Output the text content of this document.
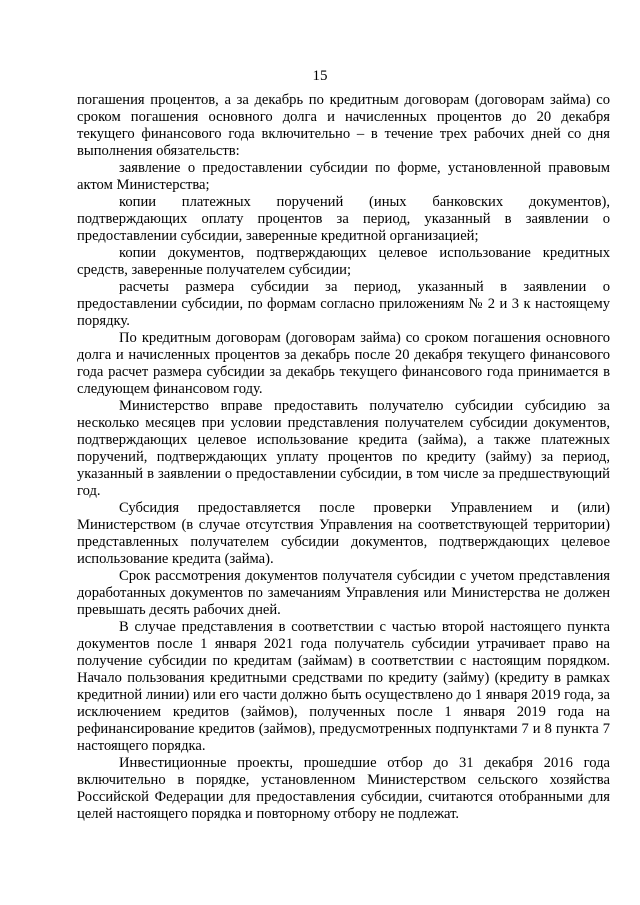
15

погашения процентов, а за декабрь по кредитным договорам (договорам займа) со сроком погашения основного долга и начисленных процентов до 20 декабря текущего финансового года включительно – в течение трех рабочих дней со дня выполнения обязательств:

заявление о предоставлении субсидии по форме, установленной правовым актом Министерства;

копии платежных поручений (иных банковских документов), подтверждающих оплату процентов за период, указанный в заявлении о предоставлении субсидии, заверенные кредитной организацией;

копии документов, подтверждающих целевое использование кредитных средств, заверенные получателем субсидии;

расчеты размера субсидии за период, указанный в заявлении о предоставлении субсидии, по формам согласно приложениям № 2 и 3 к настоящему порядку.

По кредитным договорам (договорам займа) со сроком погашения основного долга и начисленных процентов за декабрь после 20 декабря текущего финансового года расчет размера субсидии за декабрь текущего финансового года принимается в следующем финансовом году.

Министерство вправе предоставить получателю субсидии субсидию за несколько месяцев при условии представления получателем субсидии документов, подтверждающих целевое использование кредита (займа), а также платежных поручений, подтверждающих уплату процентов по кредиту (займу) за период, указанный в заявлении о предоставлении субсидии, в том числе за предшествующий год.

Субсидия предоставляется после проверки Управлением и (или) Министерством (в случае отсутствия Управления на соответствующей территории) представленных получателем субсидии документов, подтверждающих целевое использование кредита (займа).

Срок рассмотрения документов получателя субсидии с учетом представления доработанных документов по замечаниям Управления или Министерства не должен превышать десять рабочих дней.

В случае представления в соответствии с частью второй настоящего пункта документов после 1 января 2021 года получатель субсидии утрачивает право на получение субсидии по кредитам (займам) в соответствии с настоящим порядком. Начало пользования кредитными средствами по кредиту (займу) (кредиту в рамках кредитной линии) или его части должно быть осуществлено до 1 января 2019 года, за исключением кредитов (займов), полученных после 1 января 2019 года на рефинансирование кредитов (займов), предусмотренных подпунктами 7 и 8 пункта 7 настоящего порядка.

Инвестиционные проекты, прошедшие отбор до 31 декабря 2016 года включительно в порядке, установленном Министерством сельского хозяйства Российской Федерации для предоставления субсидии, считаются отобранными для целей настоящего порядка и повторному отбору не подлежат.
